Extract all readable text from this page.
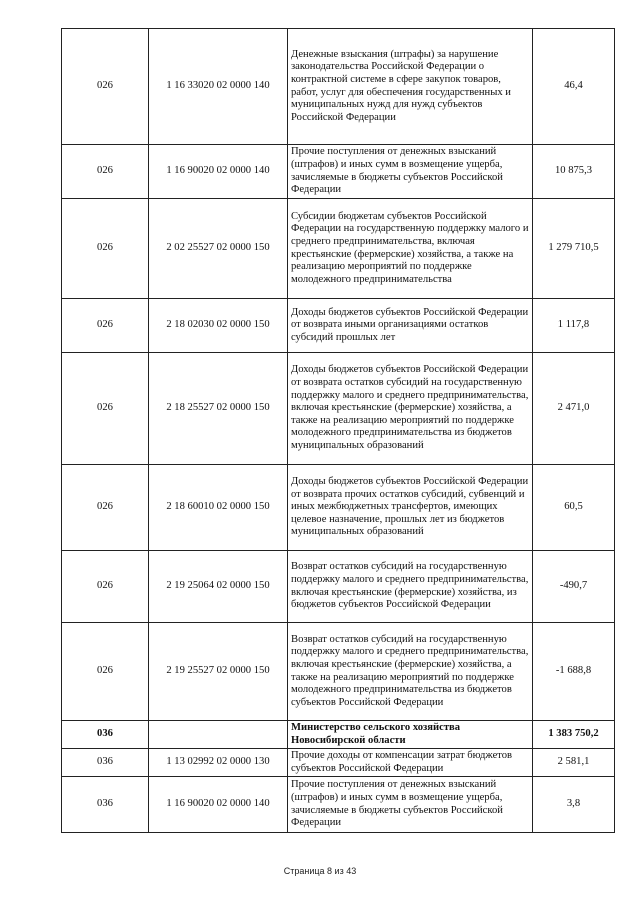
026	1 16 33020 02 0000 140	Денежные взыскания (штрафы) за нарушение законодательства Российской Федерации о контрактной системе в сфере закупок товаров, работ, услуг для обеспечения государственных и муниципальных нужд для нужд субъектов Российской Федерации	46,4
026	1 16 90020 02 0000 140	Прочие поступления от денежных взысканий (штрафов) и иных сумм в возмещение ущерба, зачисляемые в бюджеты субъектов Российской Федерации	10 875,3
026	2 02 25527 02 0000 150	Субсидии бюджетам субъектов Российской Федерации на государственную поддержку малого и среднего предпринимательства, включая крестьянские (фермерские) хозяйства, а также на реализацию мероприятий по поддержке молодежного предпринимательства	1 279 710,5
026	2 18 02030 02 0000 150	Доходы бюджетов субъектов Российской Федерации от возврата иными организациями остатков субсидий прошлых лет	1 117,8
026	2 18 25527 02 0000 150	Доходы бюджетов субъектов Российской Федерации от возврата остатков субсидий на государственную поддержку малого и среднего предпринимательства, включая крестьянские (фермерские) хозяйства, а также на реализацию мероприятий по поддержке молодежного предпринимательства из бюджетов муниципальных образований	2 471,0
026	2 18 60010 02 0000 150	Доходы бюджетов субъектов Российской Федерации от возврата прочих остатков субсидий, субвенций и иных межбюджетных трансфертов, имеющих целевое назначение, прошлых лет из бюджетов муниципальных образований	60,5
026	2 19 25064 02 0000 150	Возврат остатков субсидий на государственную поддержку малого и среднего предпринимательства, включая крестьянские (фермерские) хозяйства, из бюджетов субъектов Российской Федерации	-490,7
026	2 19 25527 02 0000 150	Возврат остатков субсидий на государственную поддержку малого и среднего предпринимательства, включая крестьянские (фермерские) хозяйства, а также на реализацию мероприятий по поддержке молодежного предпринимательства из бюджетов субъектов Российской Федерации	-1 688,8
036		Министерство сельского хозяйства Новосибирской области	1 383 750,2
036	1 13 02992 02 0000 130	Прочие доходы от компенсации затрат бюджетов субъектов Российской Федерации	2 581,1
036	1 16 90020 02 0000 140	Прочие поступления от денежных взысканий (штрафов) и иных сумм в возмещение ущерба, зачисляемые в бюджеты субъектов Российской Федерации	3,8
Страница 8 из 43
